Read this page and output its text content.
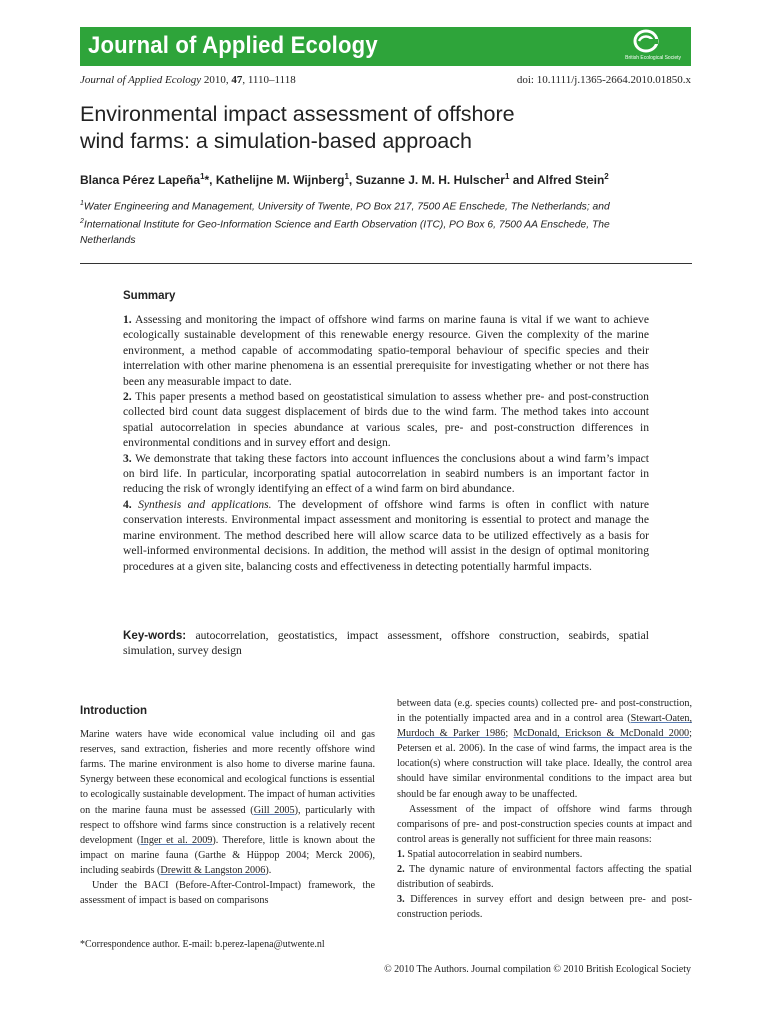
Journal of Applied Ecology	British Ecological Society
Journal of Applied Ecology 2010, 47, 1110–1118	doi: 10.1111/j.1365-2664.2010.01850.x
Environmental impact assessment of offshore
wind farms: a simulation-based approach
Blanca Pérez Lapeña$^1$*, Kathelijne M. Wijnberg$^1$, Suzanne J. M. H. Hulscher$^1$ and Alfred Stein$^2$
$^1$Water Engineering and Management, University of Twente, PO Box 217, 7500 AE Enschede, The Netherlands; and
$^2$International Institute for Geo-Information Science and Earth Observation (ITC), PO Box 6, 7500 AA Enschede, The
Netherlands
Summary

1. Assessing and monitoring the impact of offshore wind farms on marine fauna is vital if we want to achieve ecologically sustainable development of this renewable energy resource. Given the complexity of the marine environment, a method capable of accommodating spatio-temporal behaviour of specific species and their interrelation with other marine phenomena is an essential prerequisite for investigating whether or not there has been any measurable impact to date.

2. This paper presents a method based on geostatistical simulation to assess whether pre- and post-construction collected bird count data suggest displacement of birds due to the wind farm. The method takes into account spatial autocorrelation in species abundance at various scales, pre- and post-construction differences in environmental conditions and in survey effort and design.

3. We demonstrate that taking these factors into account influences the conclusions about a wind farm’s impact on bird life. In particular, incorporating spatial autocorrelation in seabird numbers is an important factor in reducing the risk of wrongly identifying an effect of a wind farm on bird abundance.

4. Synthesis and applications. The development of offshore wind farms is often in conflict with nature conservation interests. Environmental impact assessment and monitoring is essential to protect and manage the marine environment. The method described here will allow scarce data to be utilized effectively as a basis for well-informed environmental decisions. In addition, the method will assist in the design of optimal monitoring procedures at a given site, balancing costs and effectiveness in detecting potentially harmful impacts.

Key-words: autocorrelation, geostatistics, impact assessment, offshore construction, seabirds, spatial simulation, survey design
Introduction

Marine waters have wide economical value including oil and gas reserves, sand extraction, fisheries and more recently offshore wind farms. The marine environment is also home to diverse marine fauna. Synergy between these economical and ecological functions is essential to ecologically sustainable development. The impact of human activities on the marine fauna must be assessed (Gill 2005), particularly with respect to offshore wind farms since construction is a relatively recent development (Inger et al. 2009). Therefore, little is known about the impact on marine fauna (Garthe & Hüppop 2004; Merck 2006), including seabirds (Drewitt & Langston 2006).

Under the BACI (Before-After-Control-Impact) framework, the assessment of impact is based on comparisons

between data (e.g. species counts) collected pre- and post-construction, in the potentially impacted area and in a control area (Stewart-Oaten, Murdoch & Parker 1986; McDonald, Erickson & McDonald 2000; Petersen et al. 2006). In the case of wind farms, the impact area is the location(s) where construction will take place. Ideally, the control area should have similar environmental conditions to the impact area but should be far enough away to be unaffected.

Assessment of the impact of offshore wind farms through comparisons of pre- and post-construction species counts at impact and control areas is generally not sufficient for three main reasons:

1. Spatial autocorrelation in seabird numbers.

2. The dynamic nature of environmental factors affecting the spatial distribution of seabirds.

3. Differences in survey effort and design between pre- and post-construction periods.

*Correspondence author. E-mail: b.perez-lapena@utwente.nl
© 2010 The Authors. Journal compilation © 2010 British Ecological Society
